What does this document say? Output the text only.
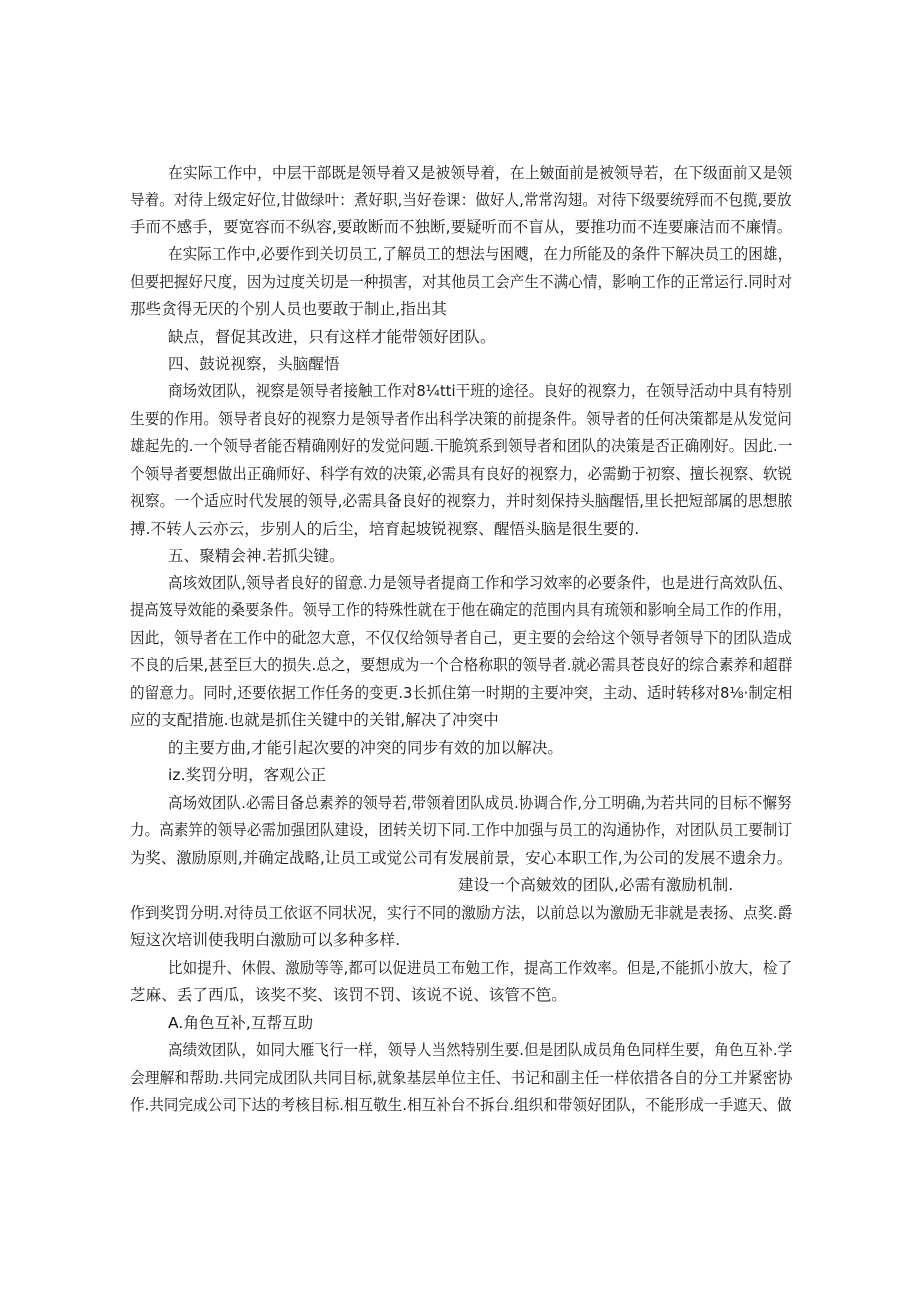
在实际工作中，中层干部既是领导着又是被领导着，在上皴面前是被领导若，在下级面前又是领

导着。对待上级定好位,甘做绿叶：煮好职,当好卷课：做好人,常常沟翅。对待下级要统殍而不包揽,要放

手而不感手，要宽容而不纵容,要敢断而不独断,要疑听而不盲从，要推功而不连要廉洁而不廉情。

在实际工作中,必要作到关切员工,了解员工的想法与困飕，在力所能及的条件下解决员工的困雄，

但要把握好尺度，因为过度关切是一种损害，对其他员工会产生不满心情，影响工作的正常运行.同时对

那些贪得无厌的个别人员也要敢于制止,指出其

缺点，督促其改进，只有这样才能带领好团队。

四、鼓说视察，头脑醒悟

商场效团队，视察是领导者接触工作对8¼tti干班的途径。良好的视察力，在领导活动中具有特别

生要的作用。领导者良好的视察力是领导者作出科学决策的前提条件。领导者的任何决策都是从发觉问

雄起先的.一个领导者能否精确刚好的发觉问题.干脆筑系到领导者和团队的决策是否正确刚好。因此.一

个领导者要想做出正确师好、科学有效的决策,必需具有良好的视察力，必需勤于初察、擅长视察、软锐

视察。一个适应时代发展的领导,必需具备良好的视察力，并时刻保持头脑醒悟,里长把短部属的思想脓

搏.不转人云亦云，步别人的后尘，培育起坡锐视察、醒悟头脑是很生要的.

五、聚精会神.若抓尖键。

高垓效团队,领导者良好的留意.力是领导者提商工作和学习效率的必要条件，也是进行高效队伍、

提高笈导效能的桑要条件。领导工作的特殊性就在于他在确定的范围内具有琉领和影响全局工作的作用，

因此，领导者在工作中的砒忽大意，不仅仅给领导者自己，更主要的会给这个领导者领导下的团队造成

不良的后果,甚至巨大的损失.总之，要想成为一个合格称职的领导者.就必需具苍良好的综合素养和超群

的留意力。同时,还要依据工作任务的变更.3长抓住第一时期的主要冲突，主动、适时转移对8⅛·制定相

应的支配措施.也就是抓住关键中的关钳,解决了冲突中

的主要方曲,才能引起次要的冲突的同步有效的加以解决。

iz.奖罚分明，客观公正

高场效团队.必需目备总素养的领导若,带领着团队成员.协调合作,分工明确,为若共同的目标不懈努

力。高素笄的领导必需加强团队建设，团转关切下同.工作中加强与员工的沟通协作，对团队员工要制订

为奖、激励原则,并确定战略,让员工或觉公司有发展前景，安心本职工作,为公司的发展不遗余力。

建设一个高皴效的团队,必需有激励机制.

作到奖罚分明.对待员工依讴不同状况，实行不同的激励方法，以前总以为激励无非就是表扬、点奖.爵

短这次培训使我明白激励可以多种多样.

比如提升、休假、激励等等,都可以促进员工布勉工作，提高工作效率。但是,不能抓小放大，检了

芝麻、丢了西瓜，该奖不奖、该罚不罚、该说不说、该管不笆。

A.角色互补,互帮互助

高绩效团队，如同大雁飞行一样，领导人当然特别生要.但是团队成员角色同样生要，角色互补.学

会理解和帮助.共同完成团队共同目标,就象基层单位主任、书记和副主任一样依措各自的分工并紧密协

作.共同完成公司下达的考核目标.相互敬生.相互补台不拆台.组织和带领好团队，不能形成一手遮天、做
